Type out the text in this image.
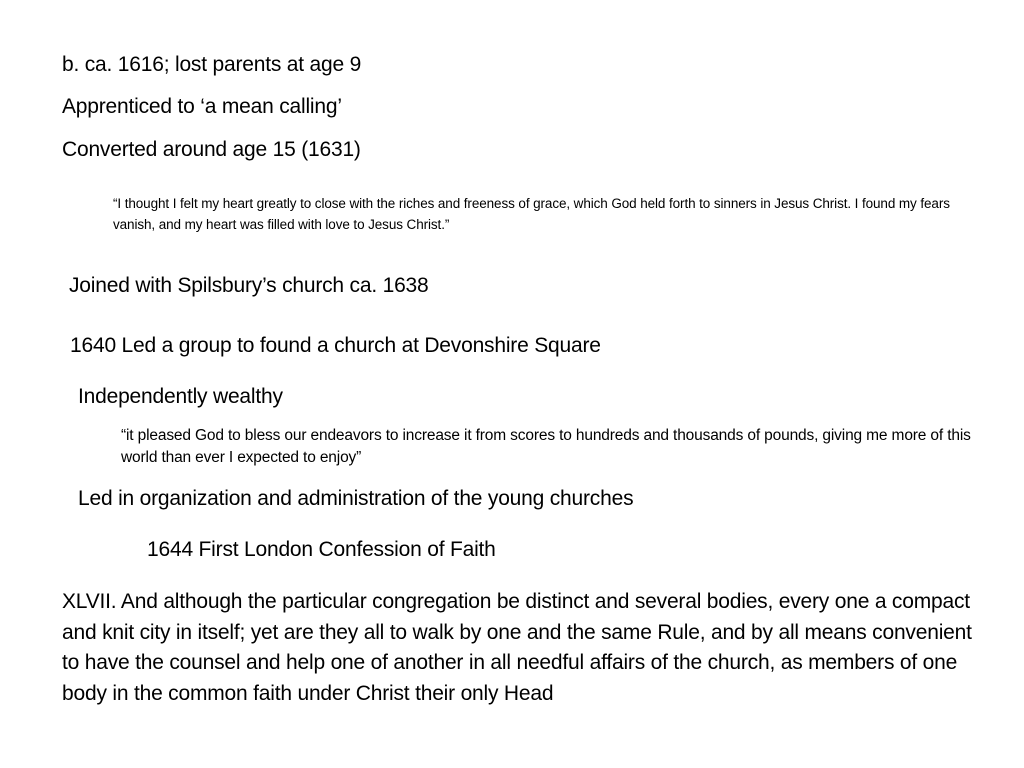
b. ca. 1616; lost parents at age 9
Apprenticed to ‘a mean calling’
Converted around age 15 (1631)
“I thought I felt my heart greatly to close with the riches and freeness of grace, which God held forth to sinners in Jesus Christ. I found my fears vanish, and my heart was filled with love to Jesus Christ.”
Joined with Spilsbury’s church ca. 1638
1640 Led a group to found a church at Devonshire Square
Independently wealthy
“it pleased God to bless our endeavors to increase it from scores to hundreds and thousands of pounds, giving me more of this world than ever I expected to enjoy”
Led in organization and administration of the young churches
1644 First London Confession of Faith
XLVII. And although the particular congregation be distinct and several bodies, every one a compact and knit city in itself; yet are they all to walk by one and the same Rule, and by all means convenient to have the counsel and help one of another in all needful affairs of the church, as members of one body in the common faith under Christ their only Head
